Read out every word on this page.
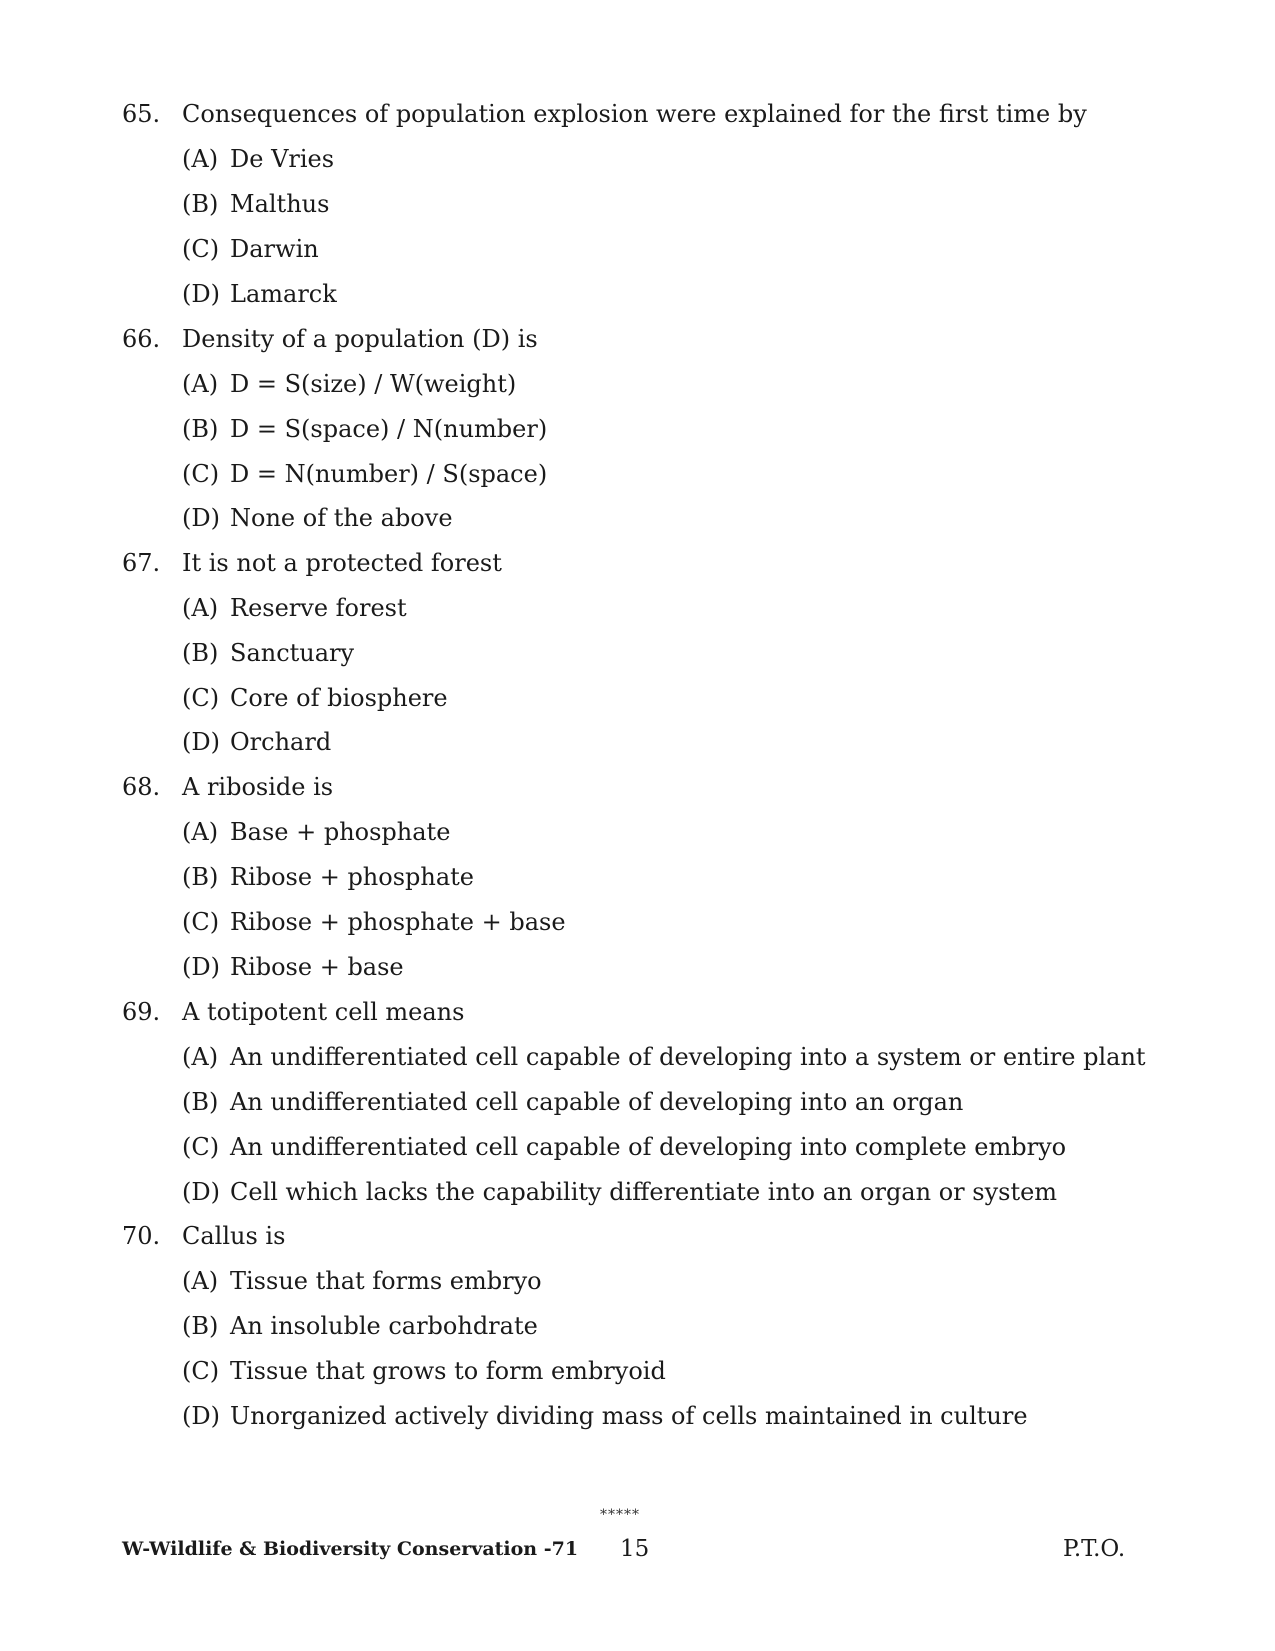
65. Consequences of population explosion were explained for the first time by
(A) De Vries
(B) Malthus
(C) Darwin
(D) Lamarck
66. Density of a population (D) is
(A) D = S(size) / W(weight)
(B) D = S(space) / N(number)
(C) D = N(number) / S(space)
(D) None of the above
67. It is not a protected forest
(A) Reserve forest
(B) Sanctuary
(C) Core of biosphere
(D) Orchard
68. A riboside is
(A) Base + phosphate
(B) Ribose + phosphate
(C) Ribose + phosphate + base
(D) Ribose + base
69. A totipotent cell means
(A) An undifferentiated cell capable of developing into a system or entire plant
(B) An undifferentiated cell capable of developing into an organ
(C) An undifferentiated cell capable of developing into complete embryo
(D) Cell which lacks the capability differentiate into an organ or system
70. Callus is
(A) Tissue that forms embryo
(B) An insoluble carbohdrate
(C) Tissue that grows to form embryoid
(D) Unorganized actively dividing mass of cells maintained in culture
*****
W-Wildlife & Biodiversity Conservation -71 15	P.T.O.
